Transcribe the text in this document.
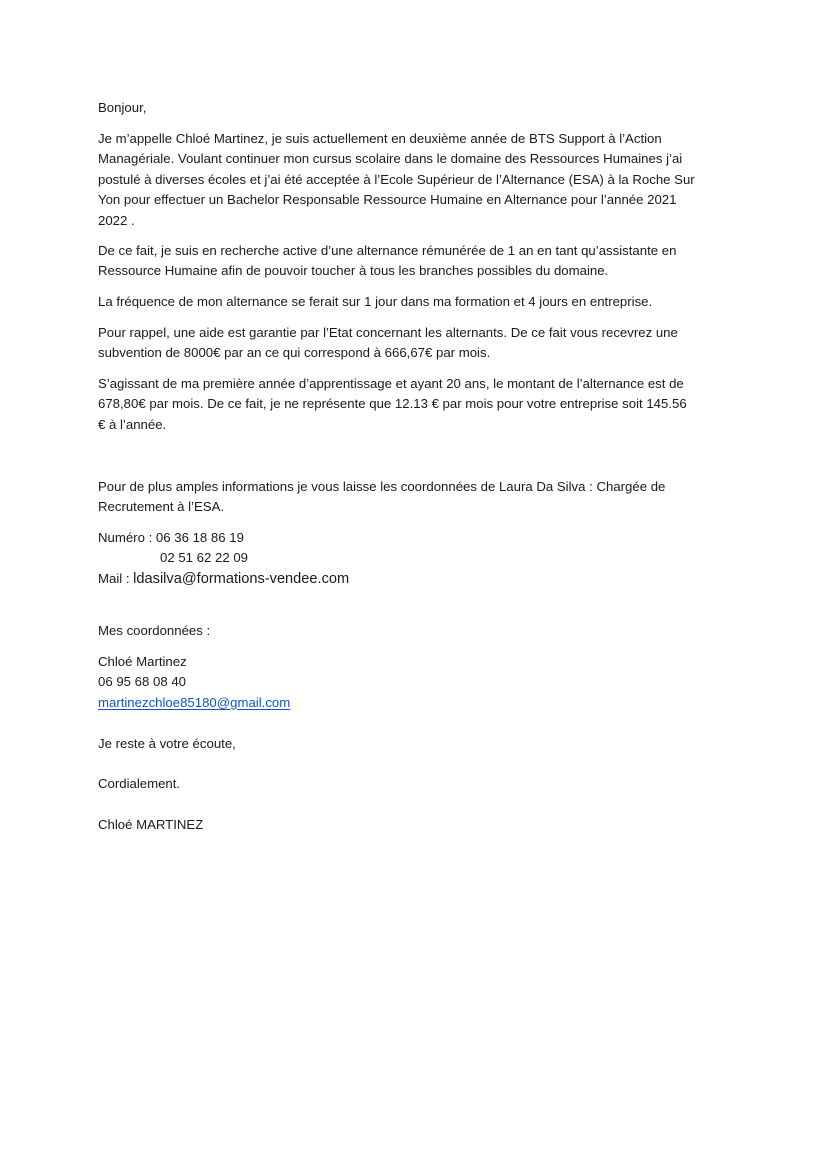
Bonjour,
Je m’appelle Chloé Martinez, je suis actuellement en deuxième année de BTS Support à l’Action
Managériale. Voulant continuer mon cursus scolaire dans le domaine des Ressources Humaines j’ai
postulé à diverses écoles et j’ai été acceptée à l’Ecole Supérieur de l’Alternance (ESA) à la Roche Sur
Yon pour effectuer un Bachelor Responsable Ressource Humaine en Alternance pour l’année 2021
2022 .
De ce fait, je suis en recherche active d’une alternance rémunérée de 1 an en tant qu’assistante en
Ressource Humaine afin de pouvoir toucher à tous les branches possibles du domaine.
La fréquence de mon alternance se ferait sur 1 jour dans ma formation et 4 jours en entreprise.
Pour rappel, une aide est garantie par l’Etat concernant les alternants. De ce fait vous recevrez une
subvention de 8000€ par an ce qui correspond à 666,67€ par mois.
S’agissant de ma première année d’apprentissage et ayant 20 ans, le montant de l’alternance est de
678,80€ par mois. De ce fait, je ne représente que 12.13 € par mois pour votre entreprise soit 145.56
€ à l’année.
Pour de plus amples informations je vous laisse les coordonnées de Laura Da Silva : Chargée de
Recrutement à l’ESA.
Numéro : 06 36 18 86 19
02 51 62 22 09
Mail : ldasilva@formations-vendee.com
Mes coordonnées :
Chloé Martinez
06 95 68 08 40
martinezchloe85180@gmail.com
Je reste à votre écoute,
Cordialement.
Chloé MARTINEZ
